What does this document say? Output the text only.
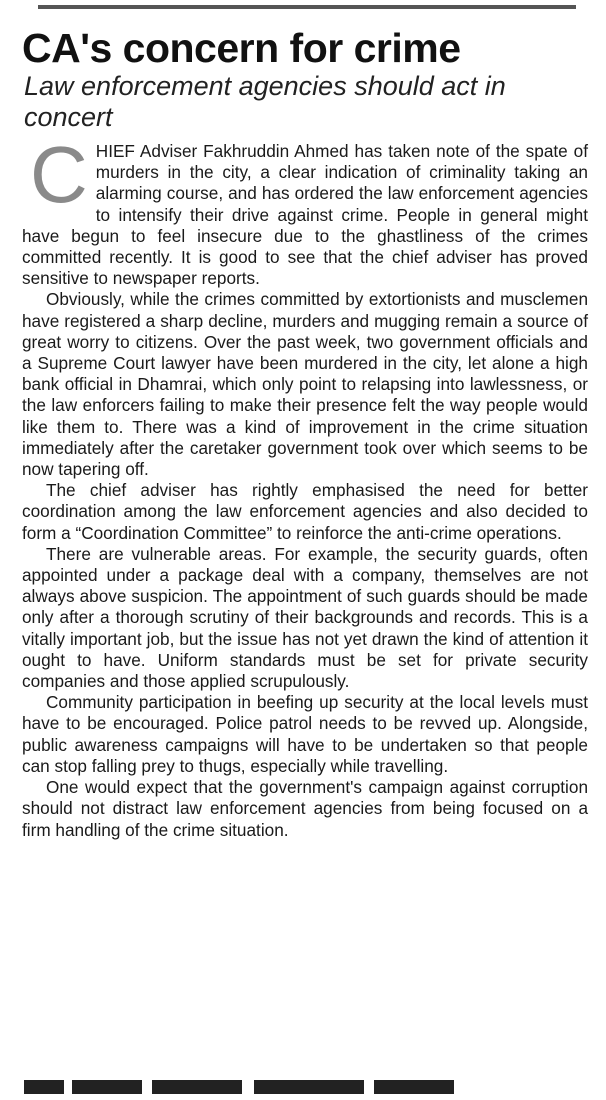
CA's concern for crime
Law enforcement agencies should act in concert

CHIEF Adviser Fakhruddin Ahmed has taken note of the spate of murders in the city, a clear indication of criminality taking an alarming course, and has ordered the law enforcement agencies to intensify their drive against crime. People in general might have begun to feel insecure due to the ghastliness of the crimes committed recently. It is good to see that the chief adviser has proved sensitive to newspaper reports.

Obviously, while the crimes committed by extortionists and musclemen have registered a sharp decline, murders and mugging remain a source of great worry to citizens. Over the past week, two government officials and a Supreme Court lawyer have been murdered in the city, let alone a high bank official in Dhamrai, which only point to relapsing into lawlessness, or the law enforcers failing to make their presence felt the way people would like them to. There was a kind of improvement in the crime situation immediately after the caretaker government took over which seems to be now tapering off.

The chief adviser has rightly emphasised the need for better coordination among the law enforcement agencies and also decided to form a “Coordination Committee” to reinforce the anti-crime operations.

There are vulnerable areas. For example, the security guards, often appointed under a package deal with a company, themselves are not always above suspicion. The appointment of such guards should be made only after a thorough scrutiny of their backgrounds and records. This is a vitally important job, but the issue has not yet drawn the kind of attention it ought to have. Uniform standards must be set for private security companies and those applied scrupulously.

Community participation in beefing up security at the local levels must have to be encouraged. Police patrol needs to be revved up. Alongside, public awareness campaigns will have to be undertaken so that people can stop falling prey to thugs, especially while travelling.

One would expect that the government's campaign against corruption should not distract law enforcement agencies from being focused on a firm handling of the crime situation.
